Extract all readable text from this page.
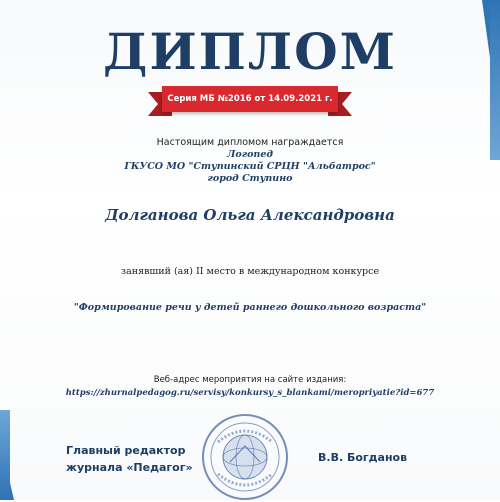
ДИПЛОМ
Серия МБ №2016 от 14.09.2021 г.
Настоящим дипломом награждается
Логопед
ГКУСО МО "Ступинский СРЦН "Альбатрос"
город Ступино
Долганова Ольга Александровна
занявший (ая) II место в международном конкурсе
"Формирование речи у детей раннего дошкольного возраста"
Веб-адрес мероприятия на сайте издания:
https://zhurnalpedagog.ru/servisy/konkursy_s_blankami/meropriyatie?id=677
Главный редактор
журнала «Педагог»
В.В. Богданов
